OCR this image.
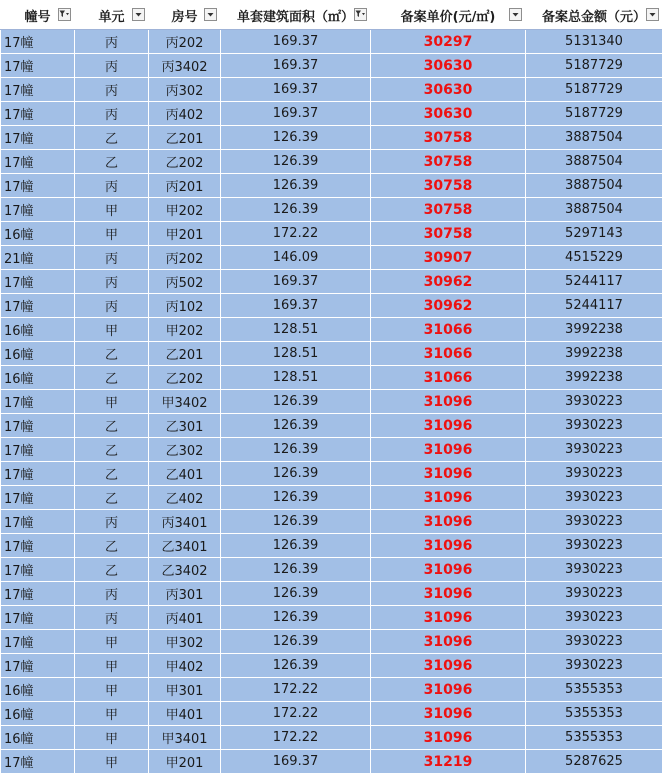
幢号	单元	房号	单套建筑面积（㎡）	备案单价(元/㎡)	备案总金额（元）

17幢	丙	丙202	169.37	30297	5131340
17幢	丙	丙3402	169.37	30630	5187729
17幢	丙	丙302	169.37	30630	5187729
17幢	丙	丙402	169.37	30630	5187729
17幢	乙	乙201	126.39	30758	3887504
17幢	乙	乙202	126.39	30758	3887504
17幢	丙	丙201	126.39	30758	3887504
17幢	甲	甲202	126.39	30758	3887504
16幢	甲	甲201	172.22	30758	5297143
21幢	丙	丙202	146.09	30907	4515229
17幢	丙	丙502	169.37	30962	5244117
17幢	丙	丙102	169.37	30962	5244117
16幢	甲	甲202	128.51	31066	3992238
16幢	乙	乙201	128.51	31066	3992238
16幢	乙	乙202	128.51	31066	3992238
17幢	甲	甲3402	126.39	31096	3930223
17幢	乙	乙301	126.39	31096	3930223
17幢	乙	乙302	126.39	31096	3930223
17幢	乙	乙401	126.39	31096	3930223
17幢	乙	乙402	126.39	31096	3930223
17幢	丙	丙3401	126.39	31096	3930223
17幢	乙	乙3401	126.39	31096	3930223
17幢	乙	乙3402	126.39	31096	3930223
17幢	丙	丙301	126.39	31096	3930223
17幢	丙	丙401	126.39	31096	3930223
17幢	甲	甲302	126.39	31096	3930223
17幢	甲	甲402	126.39	31096	3930223
16幢	甲	甲301	172.22	31096	5355353
16幢	甲	甲401	172.22	31096	5355353
16幢	甲	甲3401	172.22	31096	5355353
17幢	甲	甲201	169.37	31219	5287625
